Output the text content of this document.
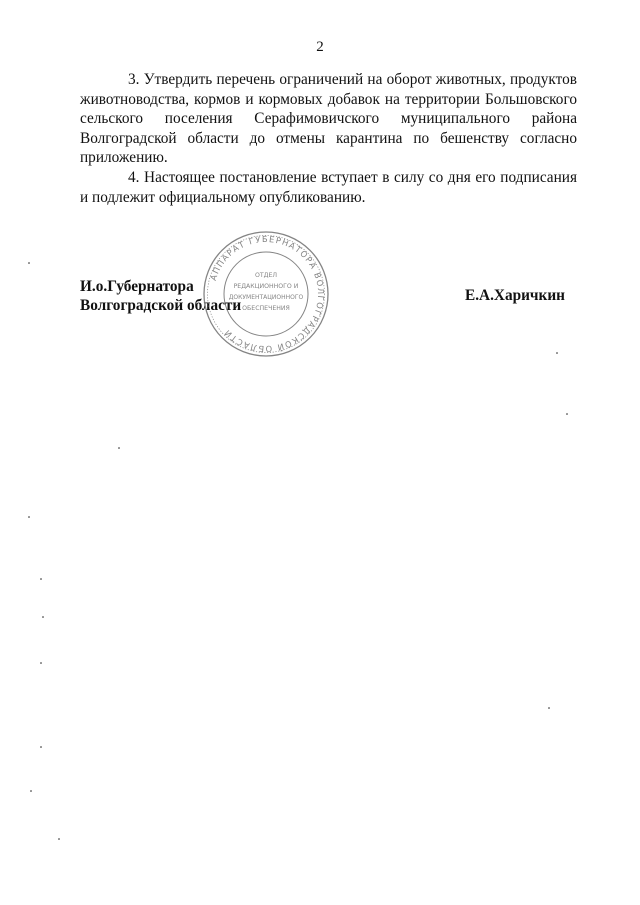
2

3. Утвердить перечень ограничений на оборот животных, продуктов животноводства, кормов и кормовых добавок на территории Большовского сельского поселения Серафимовичского муниципального района Волгоградской области до отмены карантина по бешенству согласно приложению.

4. Настоящее постановление вступает в силу со дня его подписания и подлежит официальному опубликованию.

И.о.Губернатора
Волгоградской области
Е.А.Харичкин
АППАРАТ ГУБЕРНАТОРА ВОЛГОГРАДСКОЙ ОБЛАСТИ
ОТДЕЛ
РЕДАКЦИОННОГО И
ДОКУМЕНТАЦИОННОГО
ОБЕСПЕЧЕНИЯ
